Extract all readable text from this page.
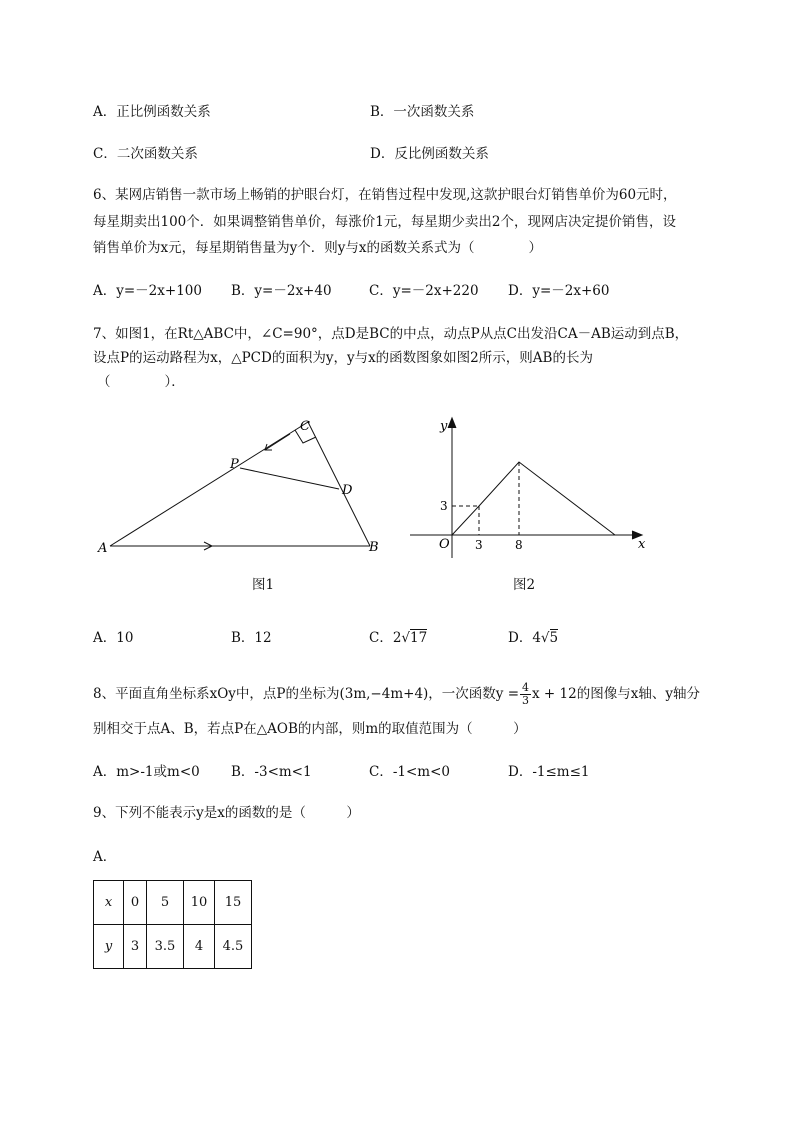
A．正比例函数关系	B．一次函数关系
C．二次函数关系	D．反比例函数关系
6、某网店销售一款市场上畅销的护眼台灯，在销售过程中发现,这款护眼台灯销售单价为60元时，
每星期卖出100个．如果调整销售单价，每涨价1元，每星期少卖出2个，现网店决定提价销售，设
销售单价为x元，每星期销售量为y个．则y与x的函数关系式为（　　　　）
A．y=－2x+100 B．y=－2x+40	C．y=－2x+220 D．y=－2x+60
7、如图1，在Rt△ABC中，∠C=90°，点D是BC的中点，动点P从点C出发沿CA－AB运动到点B，
设点P的运动路程为x，△PCD的面积为y，y与x的函数图象如图2所示，则AB的长为
（　　　　）．
A	B
C
P
D
图1
y
x
O
3
3	8
图2
A．10	B．12	C．2√17	D．4√5
8、平面直角坐标系xOy中，点P的坐标为(3m,−4m+4)，一次函数$y = \frac{4}{3}$ x + 12的图像与x轴、y轴分
别相交于点A、B，若点P在△AOB的内部，则m的取值范围为（　　　）
A．m>-1或m<0 B．-3<m<1	C．-1<m<0	D．-1≤m≤1
9、下列不能表示y是x的函数的是（　　　）
A．
x	0	5	10	15
y	3	3.5	4	4.5
